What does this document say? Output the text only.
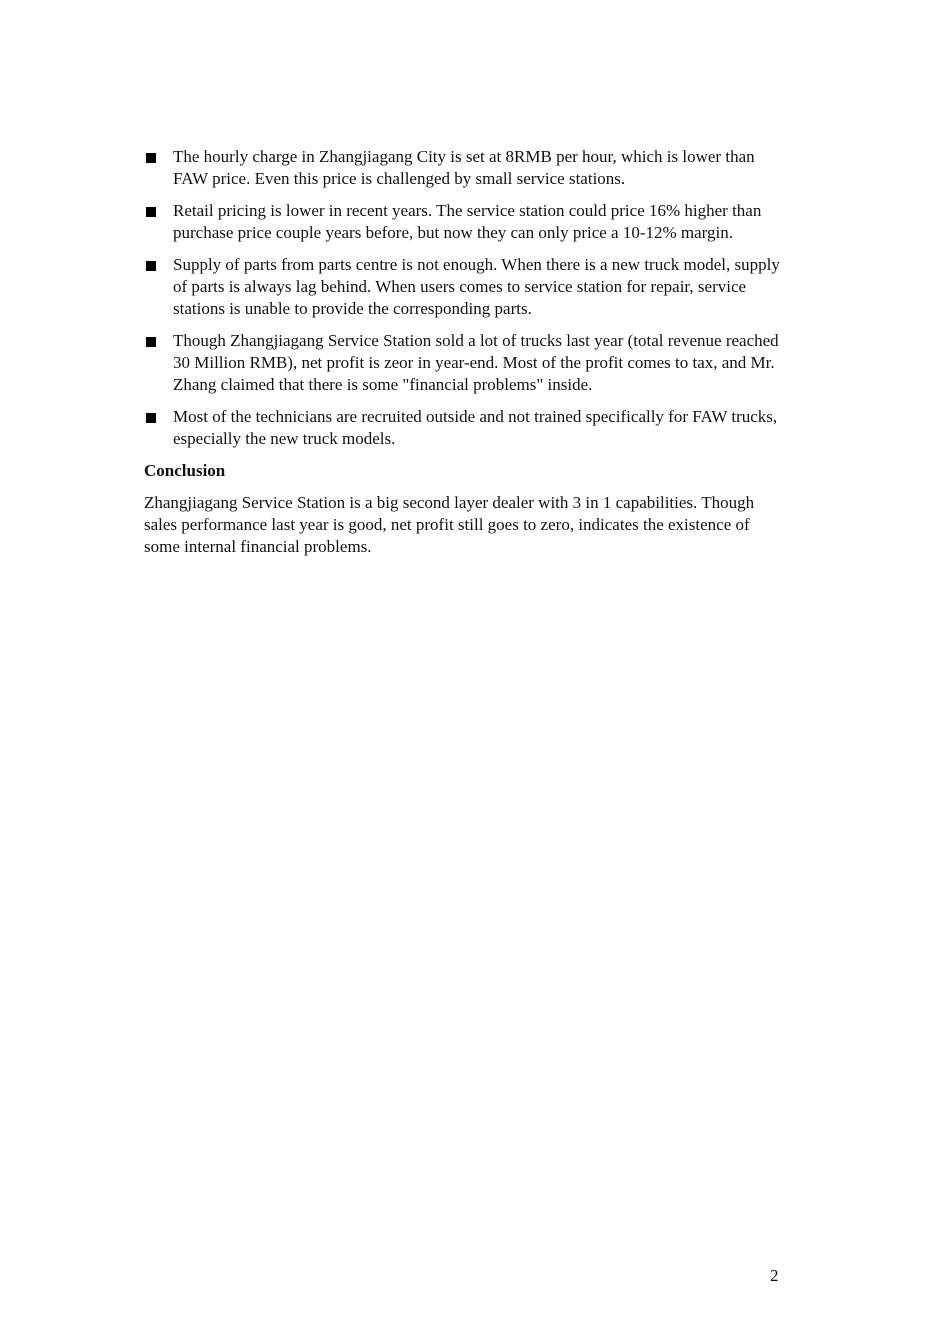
The hourly charge in Zhangjiagang City is set at 8RMB per hour, which is lower than FAW price. Even this price is challenged by small service stations.
Retail pricing is lower in recent years. The service station could price 16% higher than purchase price couple years before, but now they can only price a 10-12% margin.
Supply of parts from parts centre is not enough. When there is a new truck model, supply of parts is always lag behind. When users comes to service station for repair, service stations is unable to provide the corresponding parts.
Though Zhangjiagang Service Station sold a lot of trucks last year (total revenue reached 30 Million RMB), net profit is zeor in year-end. Most of the profit comes to tax, and Mr. Zhang claimed that there is some "financial problems" inside.
Most of the technicians are recruited outside and not trained specifically for FAW trucks, especially the new truck models.
Conclusion

Zhangjiagang Service Station is a big second layer dealer with 3 in 1 capabilities. Though sales performance last year is good, net profit still goes to zero, indicates the existence of some internal financial problems.

2
